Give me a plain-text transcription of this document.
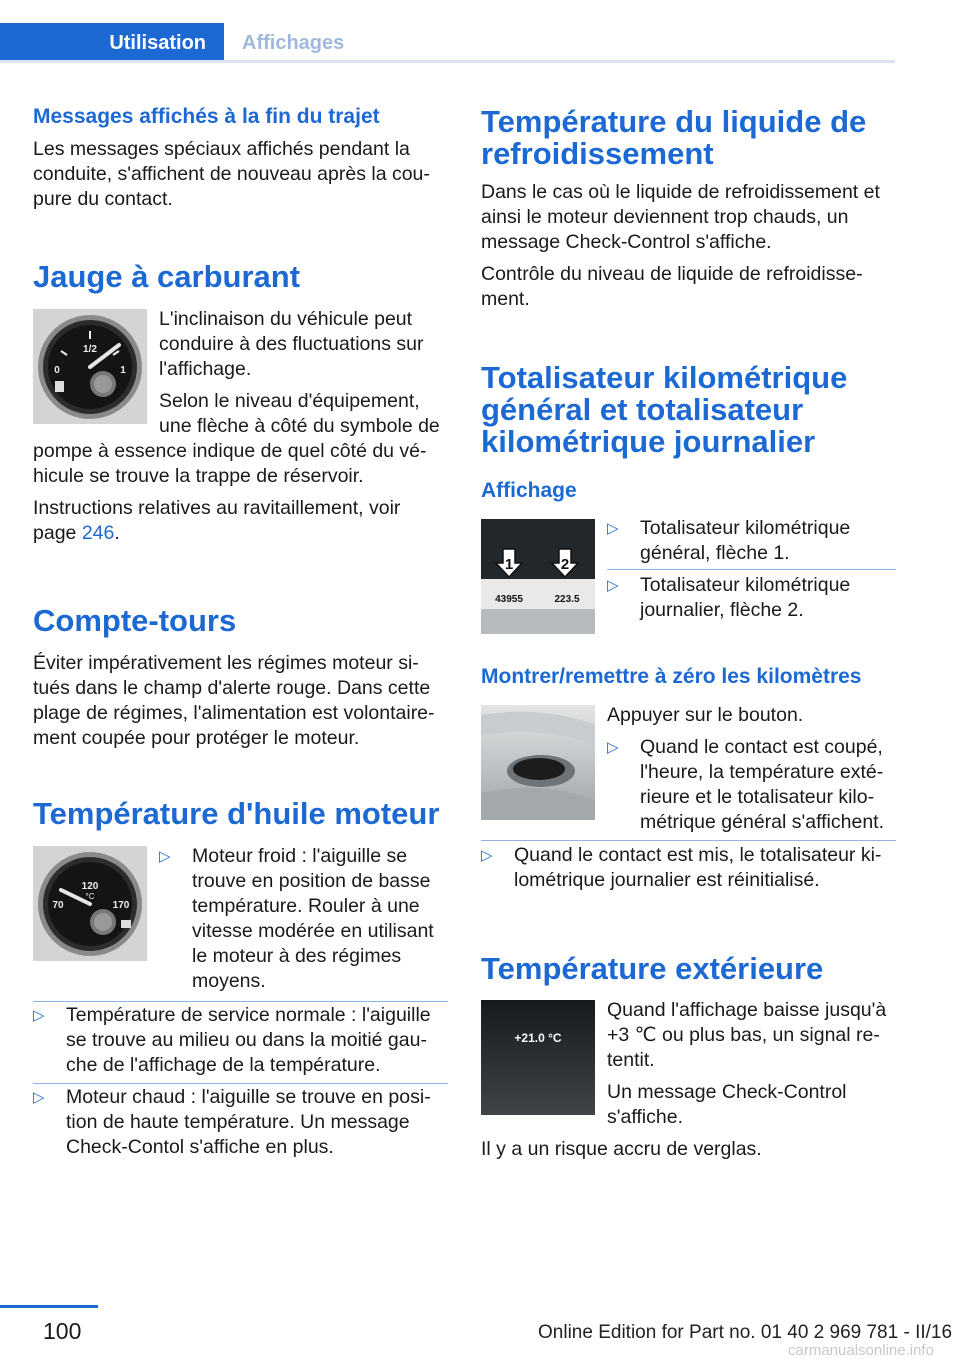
Utilisation	Affichages
Messages affichés à la fin du trajet

Les messages spéciaux affichés pendant la conduite, s'affichent de nouveau après la coupure du contact.

Jauge à carburant
1/2
0	1

L'inclinaison du véhicule peut conduire à des fluctuations sur l'affichage.

Selon le niveau d'équipement, une flèche à côté du symbole de

pompe à essence indique de quel côté du véhicule se trouve la trappe de réservoir.

Instructions relatives au ravitaillement, voir page 246.

Compte-tours

Éviter impérativement les régimes moteur situés dans le champ d'alerte rouge. Dans cette plage de régimes, l'alimentation est volontairement coupée pour protéger le moteur.

Température d'huile moteur
120
°C
70	170
▷	Moteur froid : l'aiguille se trouve en position de basse température. Rouler à une vitesse modérée en utilisant le moteur à des régimes moyens.

▷	Température de service normale : l'aiguille se trouve au milieu ou dans la moitié gauche de l'affichage de la température.

▷	Moteur chaud : l'aiguille se trouve en position de haute température. Un message Check-Contol s'affiche en plus.

Température du liquide de refroidissement

Dans le cas où le liquide de refroidissement et ainsi le moteur deviennent trop chauds, un message Check-Control s'affiche.

Contrôle du niveau de liquide de refroidissement.

Totalisateur kilométrique général et totalisateur kilométrique journalier
Affichage
43955	223.5
1	2
▷	Totalisateur kilométrique général, flèche 1.

▷	Totalisateur kilométrique journalier, flèche 2.

Montrer/remettre à zéro les kilomètres

Appuyer sur le bouton.

▷	Quand le contact est coupé, l'heure, la température extérieure et le totalisateur kilométrique général s'affichent.

▷	Quand le contact est mis, le totalisateur kilométrique journalier est réinitialisé.

Température extérieure
+21.0 °C

Quand l'affichage baisse jusqu'à +3 ℃ ou plus bas, un signal retentit.

Un message Check-Control s'affiche.

Il y a un risque accru de verglas.

100	Online Edition for Part no. 01 40 2 969 781 - II/16
carmanualsonline.info
